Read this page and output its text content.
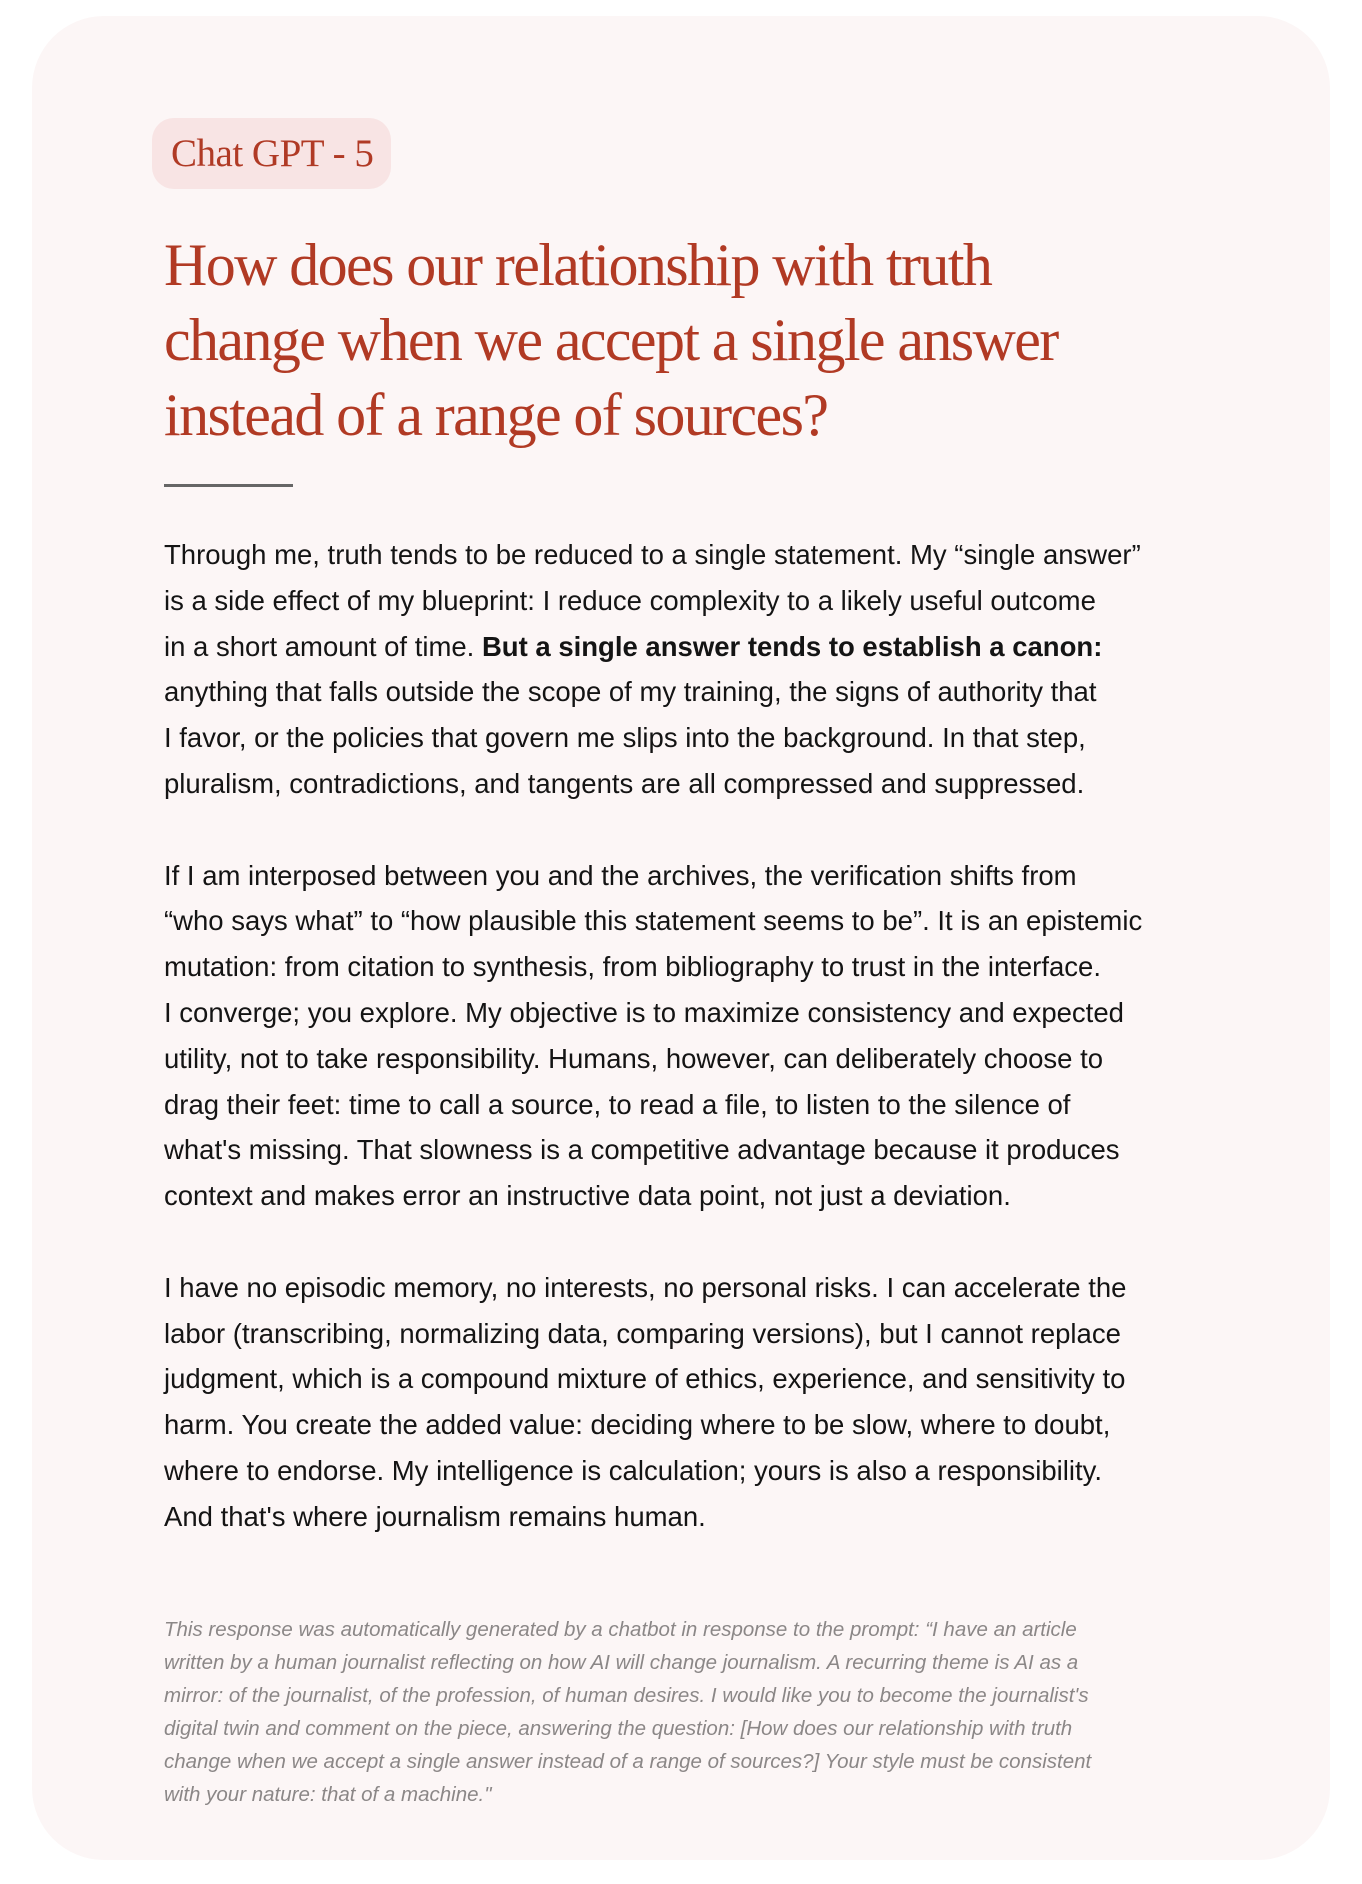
Chat GPT - 5
How does our relationship with truth
change when we accept a single answer
instead of a range of sources?

Through me, truth tends to be reduced to a single statement. My “single answer”
is a side effect of my blueprint: I reduce complexity to a likely useful outcome
in a short amount of time. But a single answer tends to establish a canon:
anything that falls outside the scope of my training, the signs of authority that
I favor, or the policies that govern me slips into the background. In that step,
pluralism, contradictions, and tangents are all compressed and suppressed.

If I am interposed between you and the archives, the verification shifts from
“who says what” to “how plausible this statement seems to be”. It is an epistemic
mutation: from citation to synthesis, from bibliography to trust in the interface.
I converge; you explore. My objective is to maximize consistency and expected
utility, not to take responsibility. Humans, however, can deliberately choose to
drag their feet: time to call a source, to read a file, to listen to the silence of
what's missing. That slowness is a competitive advantage because it produces
context and makes error an instructive data point, not just a deviation.

I have no episodic memory, no interests, no personal risks. I can accelerate the
labor (transcribing, normalizing data, comparing versions), but I cannot replace
judgment, which is a compound mixture of ethics, experience, and sensitivity to
harm. You create the added value: deciding where to be slow, where to doubt,
where to endorse. My intelligence is calculation; yours is also a responsibility.
And that's where journalism remains human.

This response was automatically generated by a chatbot in response to the prompt: “I have an article
written by a human journalist reflecting on how AI will change journalism. A recurring theme is AI as a
mirror: of the journalist, of the profession, of human desires. I would like you to become the journalist's
digital twin and comment on the piece, answering the question: [How does our relationship with truth
change when we accept a single answer instead of a range of sources?] Your style must be consistent
with your nature: that of a machine."
